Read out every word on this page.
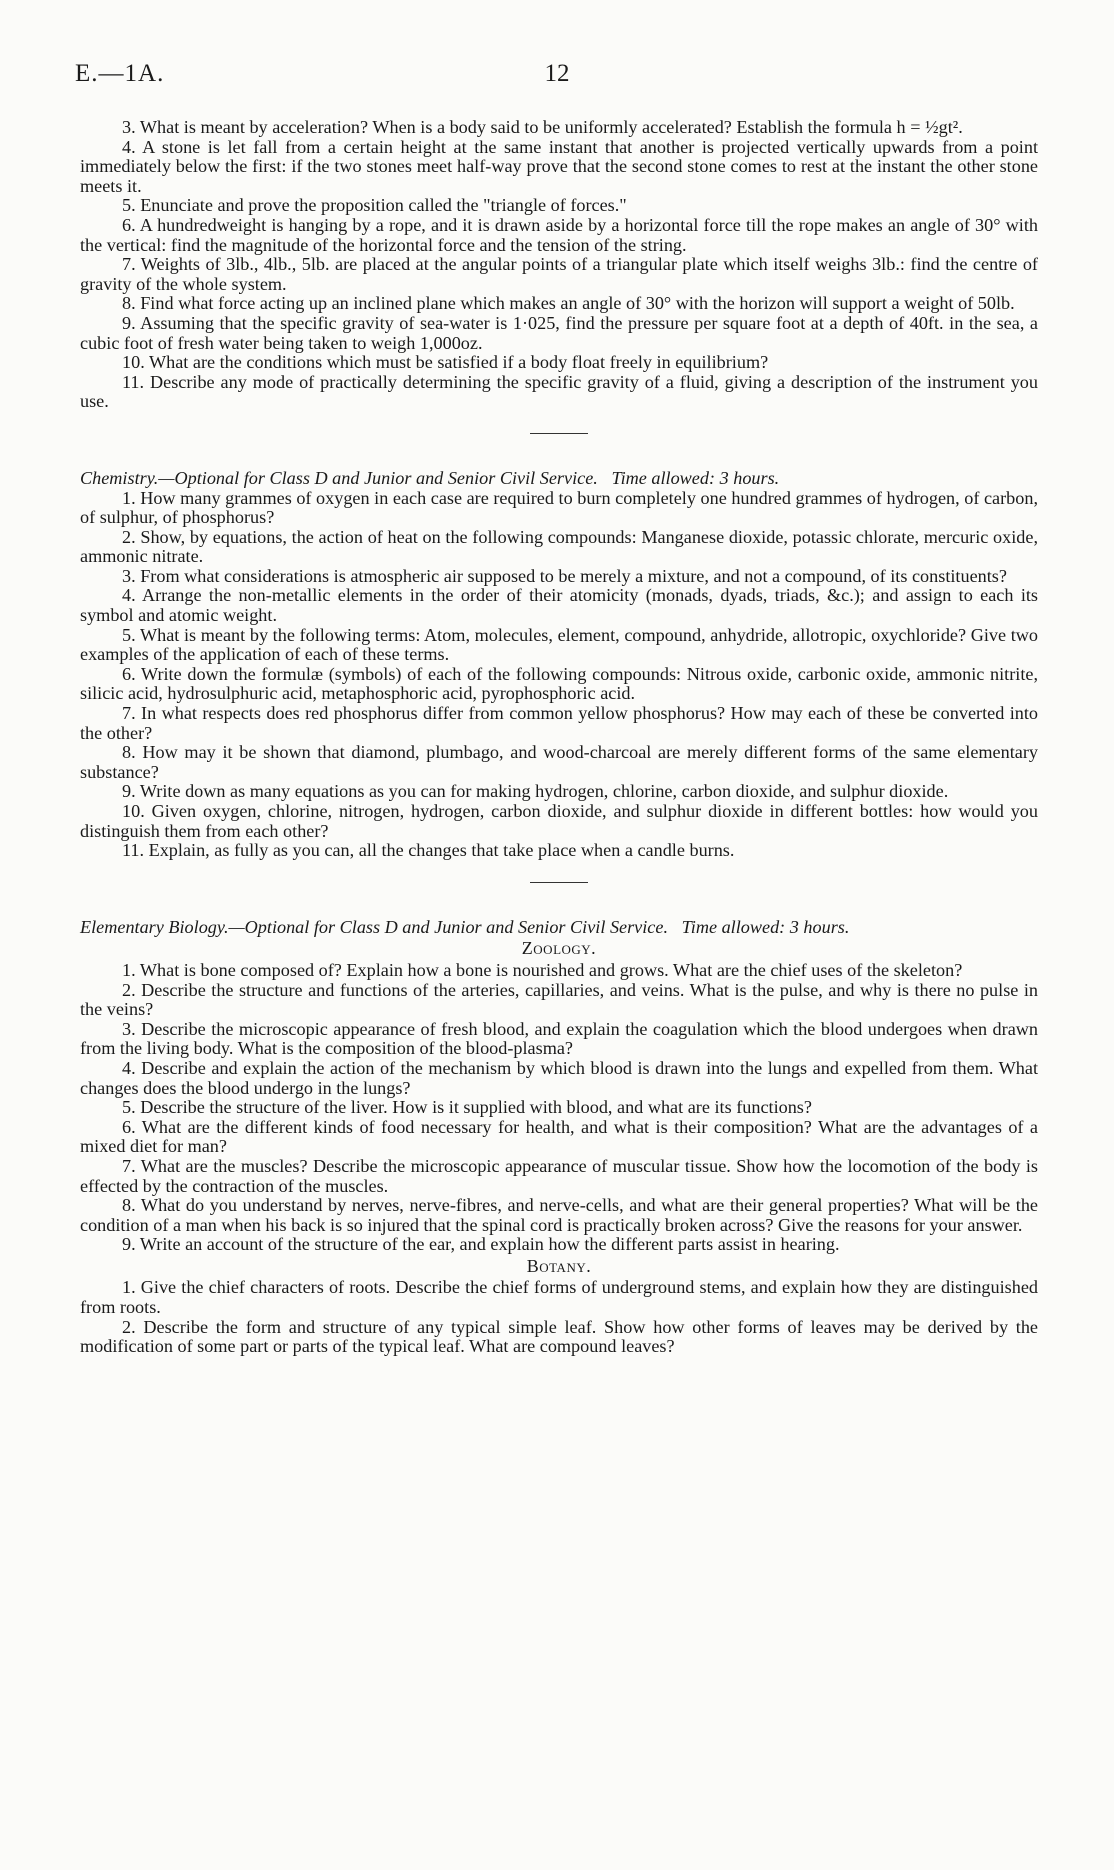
E.—1A.	12

3. What is meant by acceleration? When is a body said to be uniformly accelerated? Establish the formula h = ½gt².

4. A stone is let fall from a certain height at the same instant that another is projected vertically upwards from a point immediately below the first: if the two stones meet half-way prove that the second stone comes to rest at the instant the other stone meets it.

5. Enunciate and prove the proposition called the "triangle of forces."

6. A hundredweight is hanging by a rope, and it is drawn aside by a horizontal force till the rope makes an angle of 30° with the vertical: find the magnitude of the horizontal force and the tension of the string.

7. Weights of 3lb., 4lb., 5lb. are placed at the angular points of a triangular plate which itself weighs 3lb.: find the centre of gravity of the whole system.

8. Find what force acting up an inclined plane which makes an angle of 30° with the horizon will support a weight of 50lb.

9. Assuming that the specific gravity of sea-water is 1·025, find the pressure per square foot at a depth of 40ft. in the sea, a cubic foot of fresh water being taken to weigh 1,000oz.

10. What are the conditions which must be satisfied if a body float freely in equilibrium?

11. Describe any mode of practically determining the specific gravity of a fluid, giving a description of the instrument you use.

Chemistry.—Optional for Class D and Junior and Senior Civil Service. Time allowed: 3 hours.

1. How many grammes of oxygen in each case are required to burn completely one hundred grammes of hydrogen, of carbon, of sulphur, of phosphorus?

2. Show, by equations, the action of heat on the following compounds: Manganese dioxide, potassic chlorate, mercuric oxide, ammonic nitrate.

3. From what considerations is atmospheric air supposed to be merely a mixture, and not a compound, of its constituents?

4. Arrange the non-metallic elements in the order of their atomicity (monads, dyads, triads, &c.); and assign to each its symbol and atomic weight.

5. What is meant by the following terms: Atom, molecules, element, compound, anhydride, allotropic, oxychloride? Give two examples of the application of each of these terms.

6. Write down the formulæ (symbols) of each of the following compounds: Nitrous oxide, carbonic oxide, ammonic nitrite, silicic acid, hydrosulphuric acid, metaphosphoric acid, pyrophosphoric acid.

7. In what respects does red phosphorus differ from common yellow phosphorus? How may each of these be converted into the other?

8. How may it be shown that diamond, plumbago, and wood-charcoal are merely different forms of the same elementary substance?

9. Write down as many equations as you can for making hydrogen, chlorine, carbon dioxide, and sulphur dioxide.

10. Given oxygen, chlorine, nitrogen, hydrogen, carbon dioxide, and sulphur dioxide in different bottles: how would you distinguish them from each other?

11. Explain, as fully as you can, all the changes that take place when a candle burns.

Elementary Biology.—Optional for Class D and Junior and Senior Civil Service. Time allowed: 3 hours.

Zoology.

1. What is bone composed of? Explain how a bone is nourished and grows. What are the chief uses of the skeleton?

2. Describe the structure and functions of the arteries, capillaries, and veins. What is the pulse, and why is there no pulse in the veins?

3. Describe the microscopic appearance of fresh blood, and explain the coagulation which the blood undergoes when drawn from the living body. What is the composition of the blood-plasma?

4. Describe and explain the action of the mechanism by which blood is drawn into the lungs and expelled from them. What changes does the blood undergo in the lungs?

5. Describe the structure of the liver. How is it supplied with blood, and what are its functions?

6. What are the different kinds of food necessary for health, and what is their composition? What are the advantages of a mixed diet for man?

7. What are the muscles? Describe the microscopic appearance of muscular tissue. Show how the locomotion of the body is effected by the contraction of the muscles.

8. What do you understand by nerves, nerve-fibres, and nerve-cells, and what are their general properties? What will be the condition of a man when his back is so injured that the spinal cord is practically broken across? Give the reasons for your answer.

9. Write an account of the structure of the ear, and explain how the different parts assist in hearing.

Botany.

1. Give the chief characters of roots. Describe the chief forms of underground stems, and explain how they are distinguished from roots.

2. Describe the form and structure of any typical simple leaf. Show how other forms of leaves may be derived by the modification of some part or parts of the typical leaf. What are compound leaves?
